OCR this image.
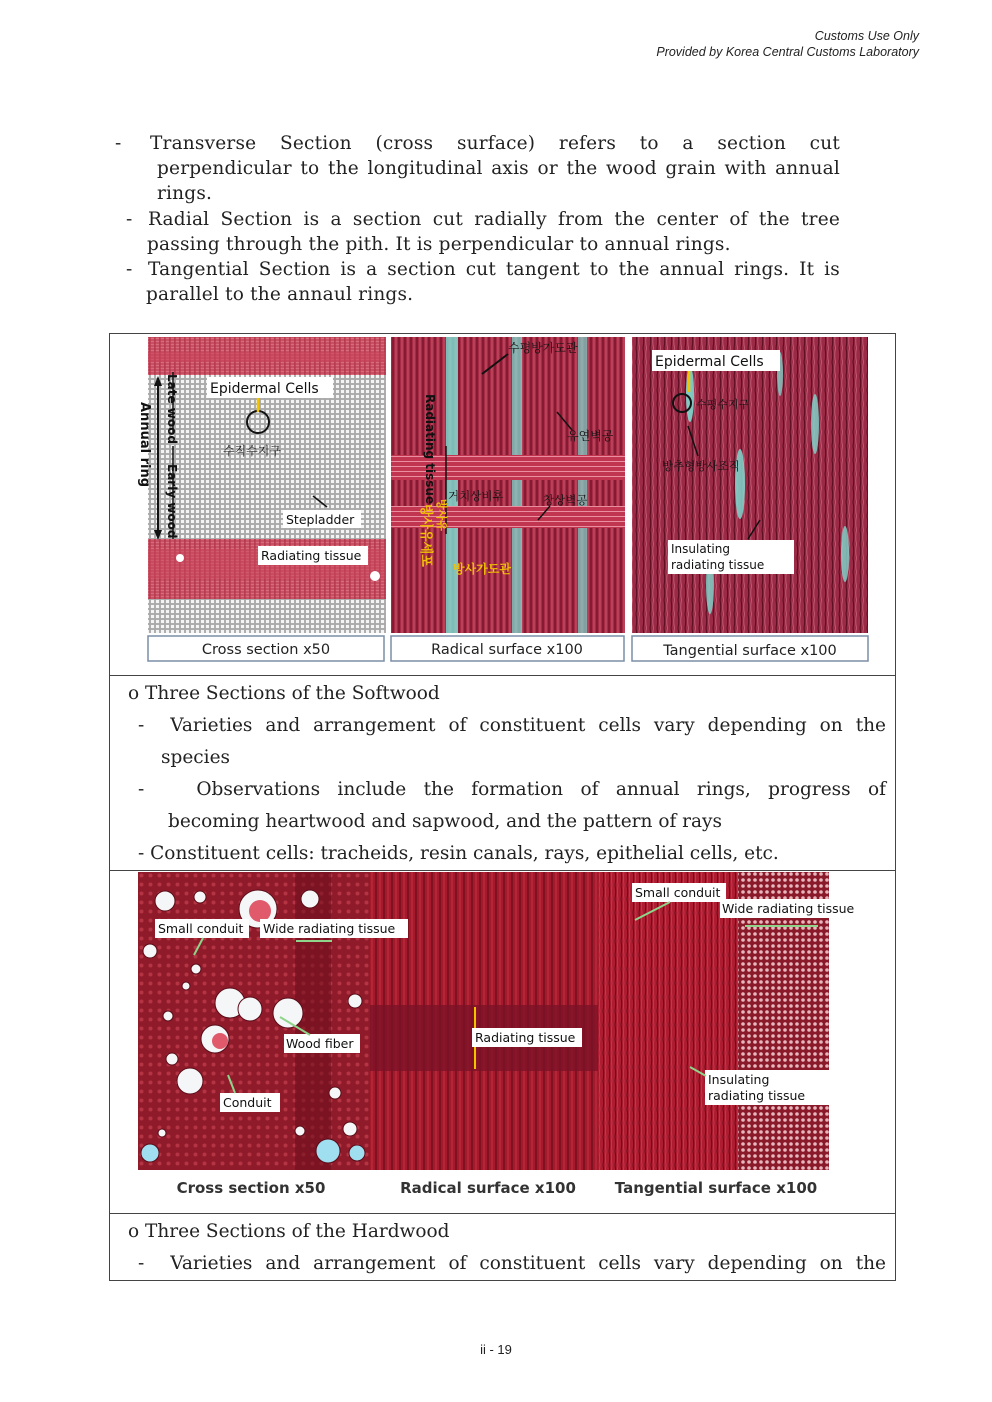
Customs Use Only
Provided by Korea Central Customs Laboratory
- Transverse Section (cross surface) refers to a section cut
perpendicular to the longitudinal axis or the wood grain with annual
rings.
- Radial Section is a section cut radially from the center of the tree
passing through the pith. It is perpendicular to annual rings.
- Tangential Section is a section cut tangent to the annual rings. It is
parallel to the annaul rings.
Annual ring Late wood
Early wood
Epidermal Cells
수직수지구
Stepladder
Radiating tissue
수평방가도관
유연벽공
Radiating tissue 거치상비후	창상벽공
방사유세포 방사유
방사가도관
Epidermal Cells
수평수지구
방추형방사조직
Insulating
radiating tissue
Cross section x50	Radical surface x100	Tangential surface x100

o Three Sections of the Softwood
- Varieties and arrangement of constituent cells vary depending on the
species
-	Observations include the formation of annual rings, progress of
becoming heartwood and sapwood, and the pattern of rays
- Constituent cells: tracheids, resin canals, rays, epithelial cells, etc.

Small conduit Wide radiating tissue
Wood fiber
Conduit
Radiating tissue
Small conduit
Wide radiating tissue
Insulating
radiating tissue
Cross section x50	Radical surface x100	Tangential surface x100

o Three Sections of the Hardwood
- Varieties and arrangement of constituent cells vary depending on the
ii - 19
